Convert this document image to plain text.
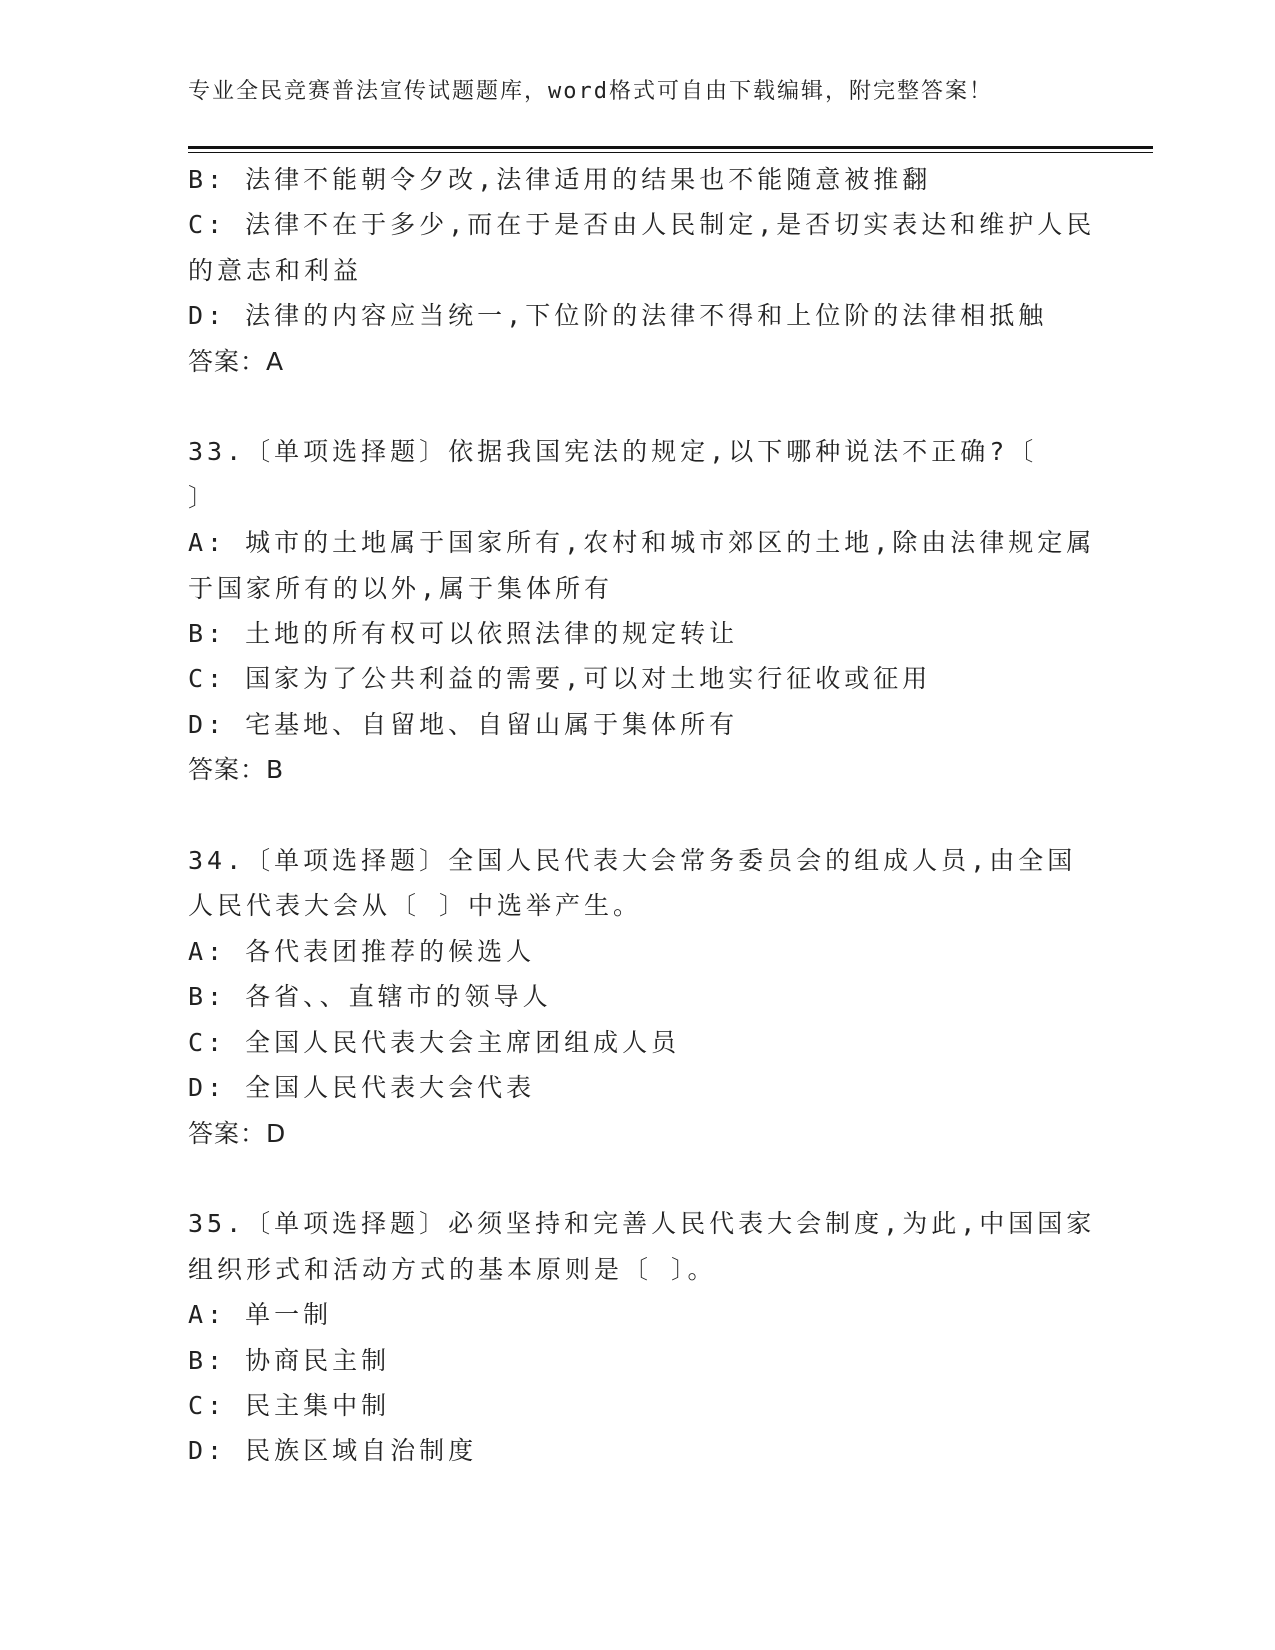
专业全民竞赛普法宣传试题题库，word格式可自由下载编辑，附完整答案！
B: 法律不能朝令夕改,法律适用的结果也不能随意被推翻
C: 法律不在于多少,而在于是否由人民制定,是否切实表达和维护人民
的意志和利益
D: 法律的内容应当统一,下位阶的法律不得和上位阶的法律相抵触
答案：A
33.〔单项选择题〕依据我国宪法的规定,以下哪种说法不正确?〔
〕
A: 城市的土地属于国家所有,农村和城市郊区的土地,除由法律规定属
于国家所有的以外,属于集体所有
B: 土地的所有权可以依照法律的规定转让
C: 国家为了公共利益的需要,可以对土地实行征收或征用
D: 宅基地、自留地、自留山属于集体所有
答案：B
34.〔单项选择题〕全国人民代表大会常务委员会的组成人员,由全国
人民代表大会从〔 〕中选举产生。
A: 各代表团推荐的候选人
B: 各省、、直辖市的领导人
C: 全国人民代表大会主席团组成人员
D: 全国人民代表大会代表
答案：D
35.〔单项选择题〕必须坚持和完善人民代表大会制度,为此,中国国家
组织形式和活动方式的基本原则是〔 〕。
A: 单一制
B: 协商民主制
C: 民主集中制
D: 民族区域自治制度
